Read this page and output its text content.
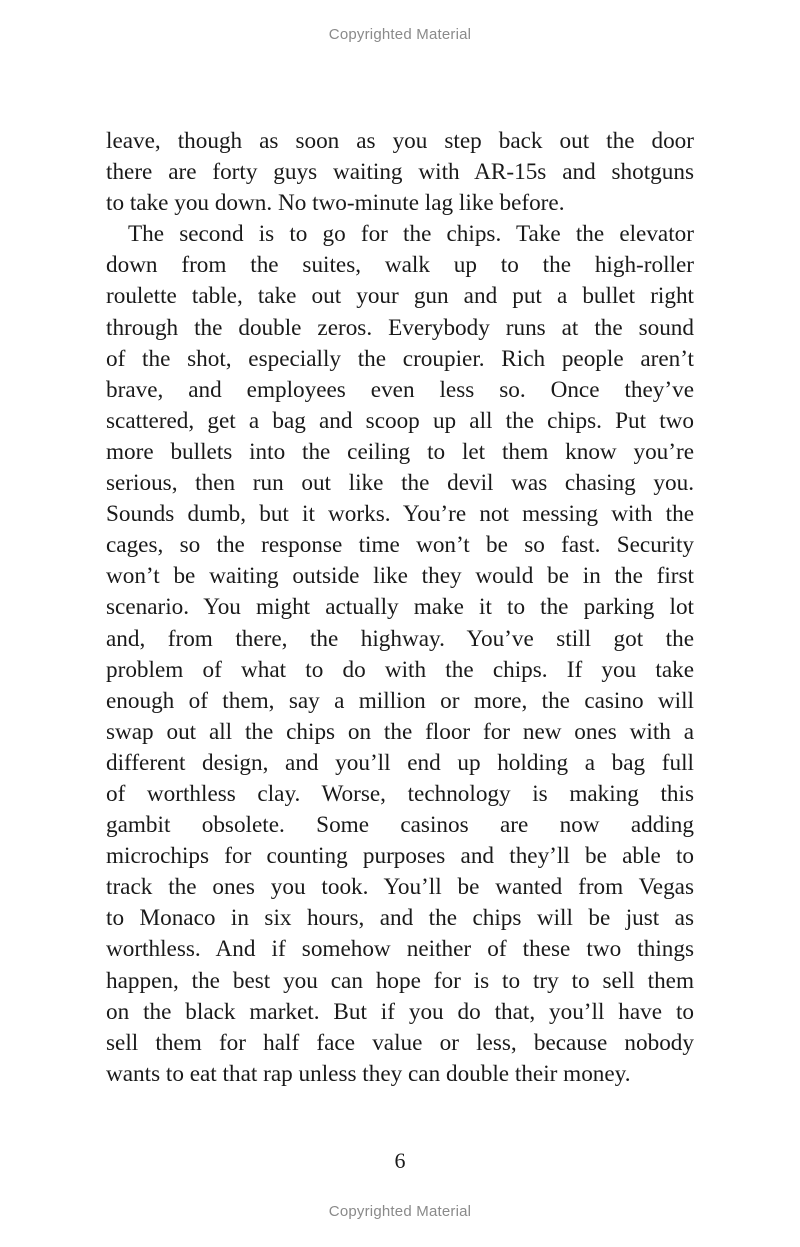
Copyrighted Material
leave, though as soon as you step back out the door
there are forty guys waiting with AR-15s and shotguns
to take you down. No two-minute lag like before.
The second is to go for the chips. Take the elevator
down from the suites, walk up to the high-roller
roulette table, take out your gun and put a bullet right
through the double zeros. Everybody runs at the sound
of the shot, especially the croupier. Rich people aren’t
brave, and employees even less so. Once they’ve
scattered, get a bag and scoop up all the chips. Put two
more bullets into the ceiling to let them know you’re
serious, then run out like the devil was chasing you.
Sounds dumb, but it works. You’re not messing with the
cages, so the response time won’t be so fast. Security
won’t be waiting outside like they would be in the first
scenario. You might actually make it to the parking lot
and, from there, the highway. You’ve still got the
problem of what to do with the chips. If you take
enough of them, say a million or more, the casino will
swap out all the chips on the floor for new ones with a
different design, and you’ll end up holding a bag full
of worthless clay. Worse, technology is making this
gambit obsolete. Some casinos are now adding
microchips for counting purposes and they’ll be able to
track the ones you took. You’ll be wanted from Vegas
to Monaco in six hours, and the chips will be just as
worthless. And if somehow neither of these two things
happen, the best you can hope for is to try to sell them
on the black market. But if you do that, you’ll have to
sell them for half face value or less, because nobody
wants to eat that rap unless they can double their money.
6
Copyrighted Material
